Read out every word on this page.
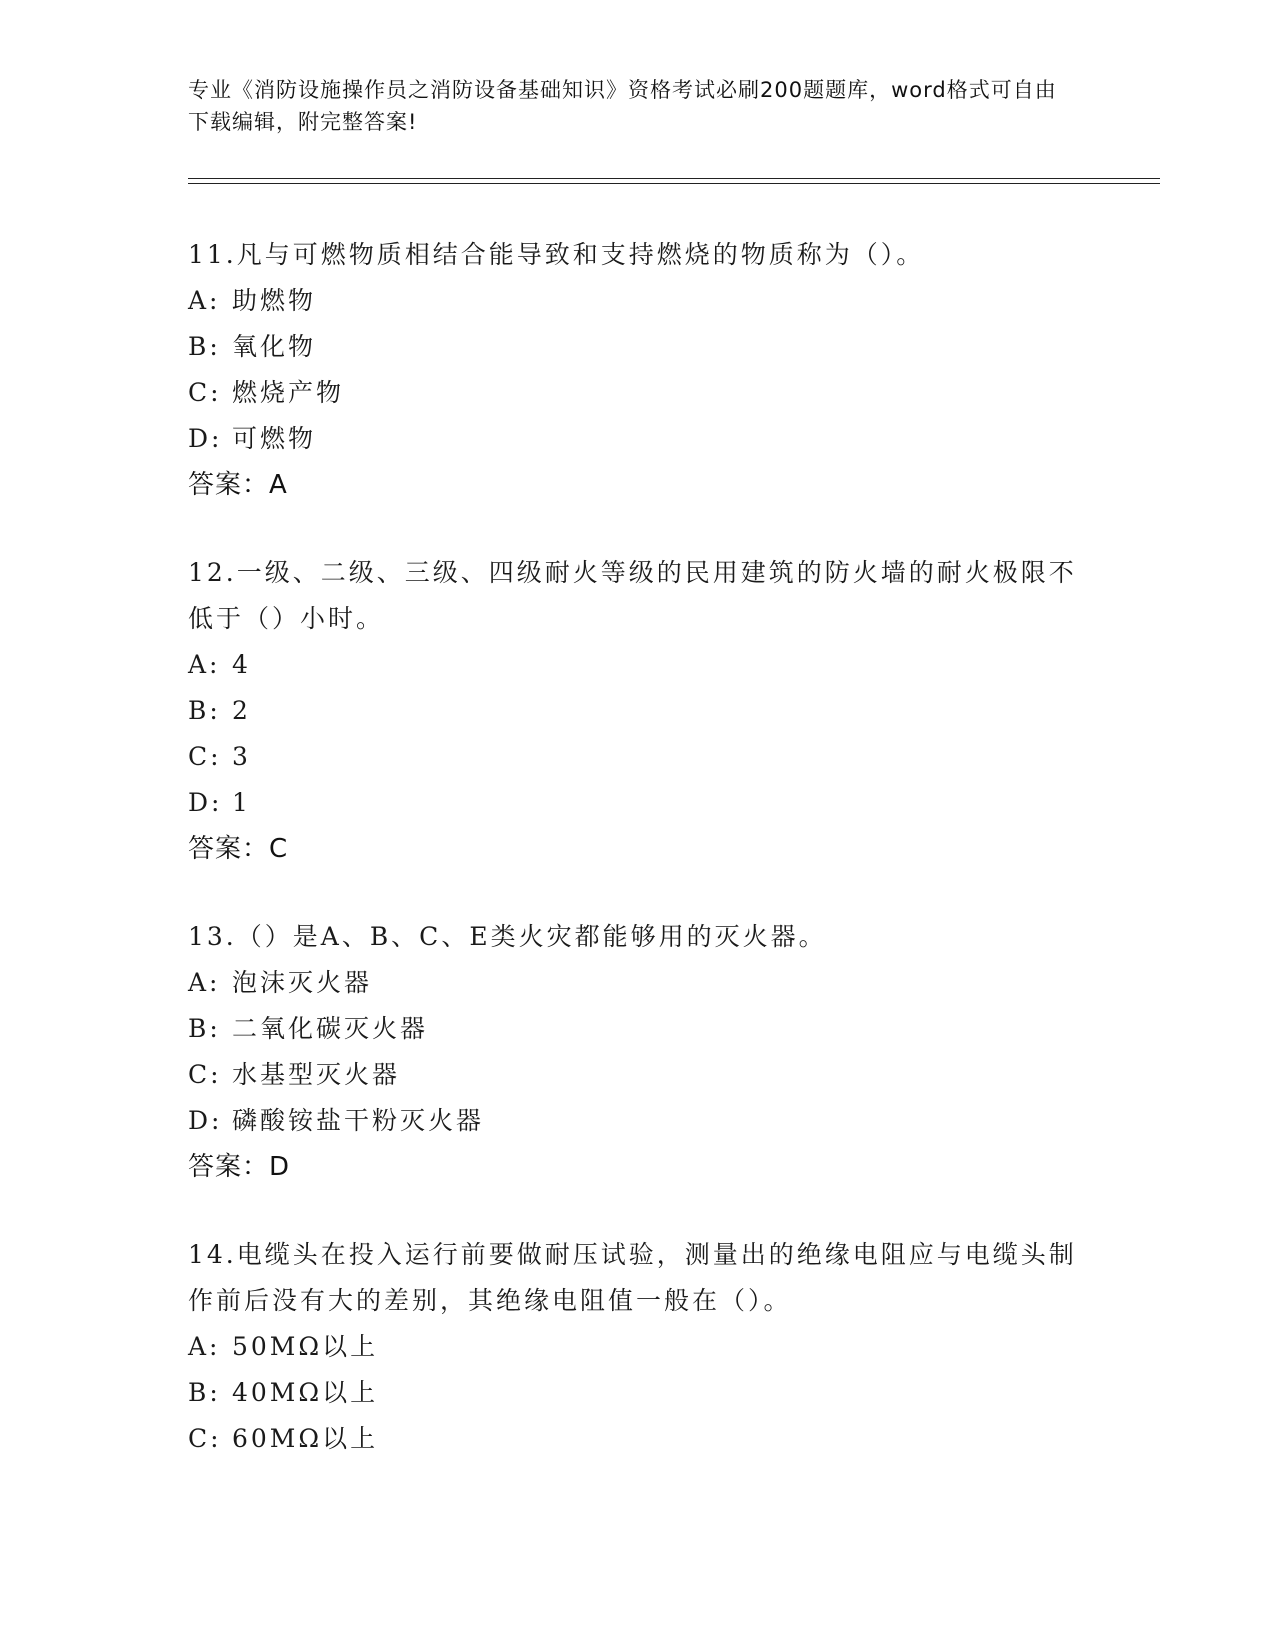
专业《消防设施操作员之消防设备基础知识》资格考试必刷200题题库，word格式可自由下载编辑，附完整答案!

11.凡与可燃物质相结合能导致和支持燃烧的物质称为（）。

A: 助燃物
B: 氧化物
C: 燃烧产物
D: 可燃物
答案：A

12.一级、二级、三级、四级耐火等级的民用建筑的防火墙的耐火极限不低于（）小时。

A: 4
B: 2
C: 3
D: 1
答案：C

13.（）是A、B、C、E类火灾都能够用的灭火器。

A: 泡沫灭火器
B: 二氧化碳灭火器
C: 水基型灭火器
D: 磷酸铵盐干粉灭火器
答案：D

14.电缆头在投入运行前要做耐压试验，测量出的绝缘电阻应与电缆头制作前后没有大的差别，其绝缘电阻值一般在（）。

A: 50MΩ以上
B: 40MΩ以上
C: 60MΩ以上
